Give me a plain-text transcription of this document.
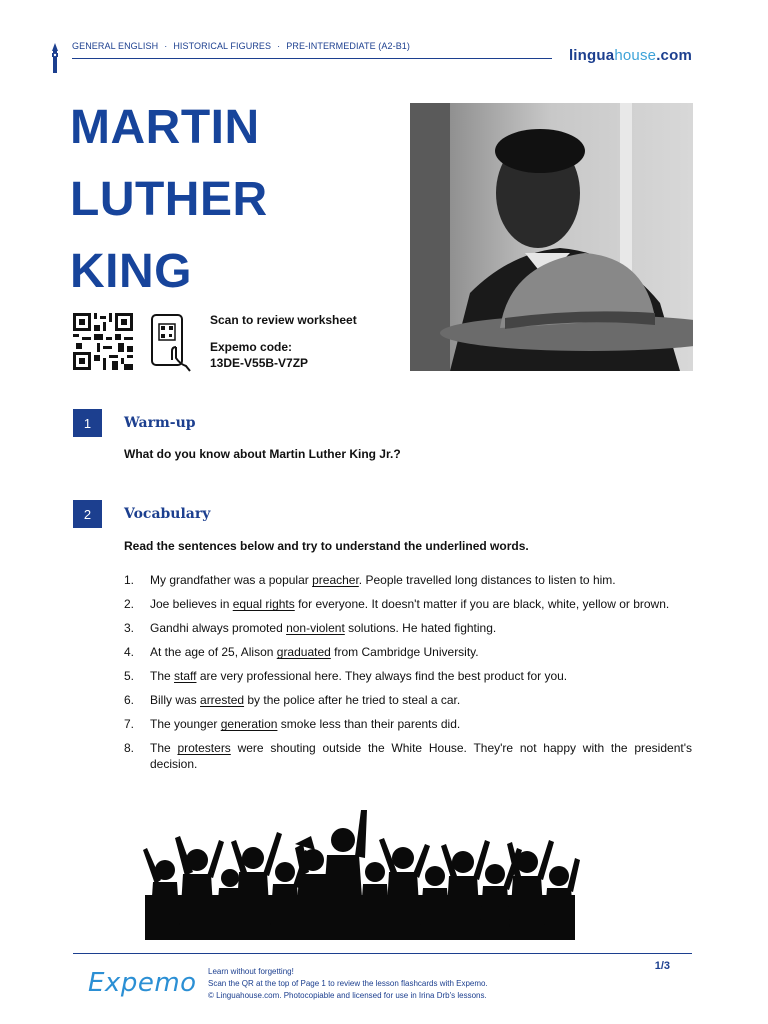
GENERAL ENGLISH · HISTORICAL FIGURES · PRE-INTERMEDIATE (A2-B1)
linguahouse.com
MARTIN
LUTHER
KING
Scan to review worksheet
Expemo code:
13DE-V55B-V7ZP
1	Warm-up
What do you know about Martin Luther King Jr.?
2	Vocabulary
Read the sentences below and try to understand the underlined words.
1. My grandfather was a popular preacher. People travelled long distances to listen to him.
2. Joe believes in equal rights for everyone. It doesn't matter if you are black, white, yellow or brown.
3. Gandhi always promoted non-violent solutions. He hated fighting.
4. At the age of 25, Alison graduated from Cambridge University.
5. The staff are very professional here. They always find the best product for you.
6. Billy was arrested by the police after he tried to steal a car.
7. The younger generation smoke less than their parents did.
8. The protesters were shouting outside the White House. They're not happy with the president's decision.
Expemo Learn without forgetting!
Scan the QR at the top of Page 1 to review the lesson flashcards with Expemo.
© Linguahouse.com. Photocopiable and licensed for use in Irina Drb's lessons.
1/3
